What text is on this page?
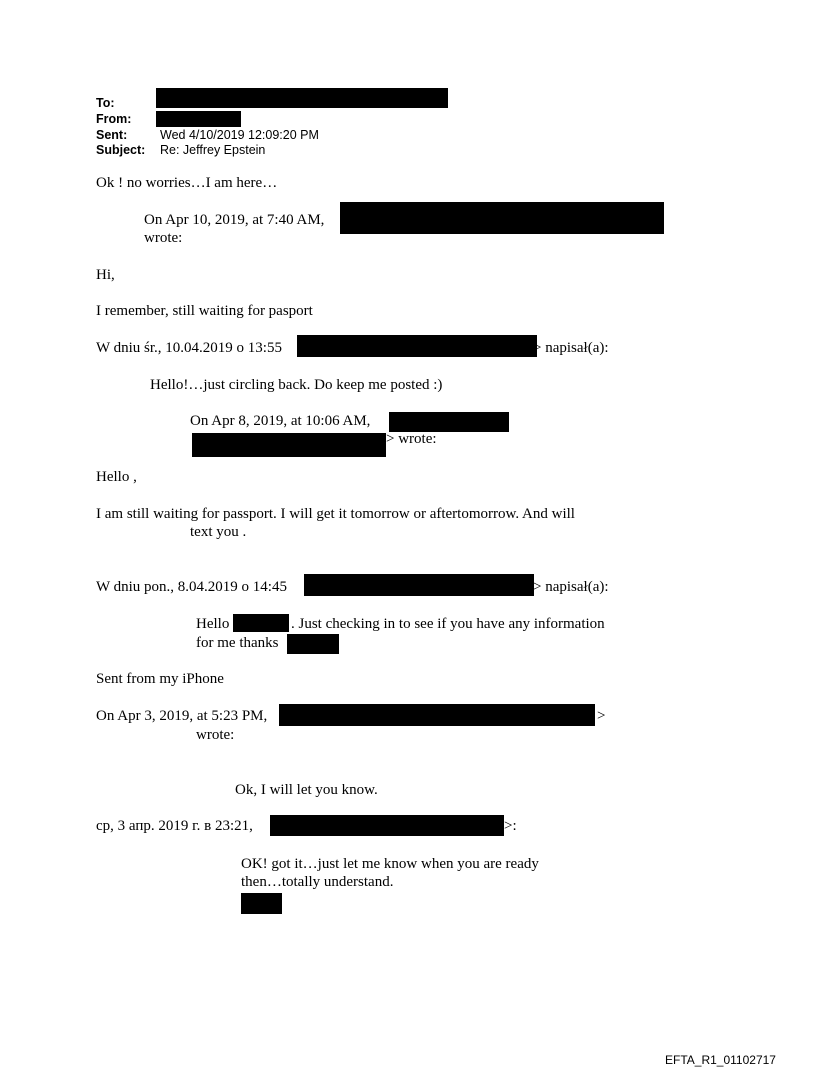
To:
From:
Sent:	Wed 4/10/2019 12:09:20 PM
Subject: Re: Jeffrey Epstein
Ok ! no worries…I am here…
On Apr 10, 2019, at 7:40 AM,
wrote:
Hi,
I remember, still waiting for pasport
W dniu śr., 10.04.2019 o 13:55	> napisał(a):
Hello!…just circling back. Do keep me posted :)
On Apr 8, 2019, at 10:06 AM,
> wrote:
Hello ,
I am still waiting for passport. I will get it tomorrow or aftertomorrow. And will
text you .
W dniu pon., 8.04.2019 o 14:45	> napisał(a):
Hello	. Just checking in to see if you have any information
for me thanks
Sent from my iPhone
On Apr 3, 2019, at 5:23 PM,	>
wrote:
Ok, I will let you know.
ср, 3 апр. 2019 г. в 23:21,	>:
OK! got it…just let me know when you are ready
then…totally understand.
EFTA_R1_01102717
